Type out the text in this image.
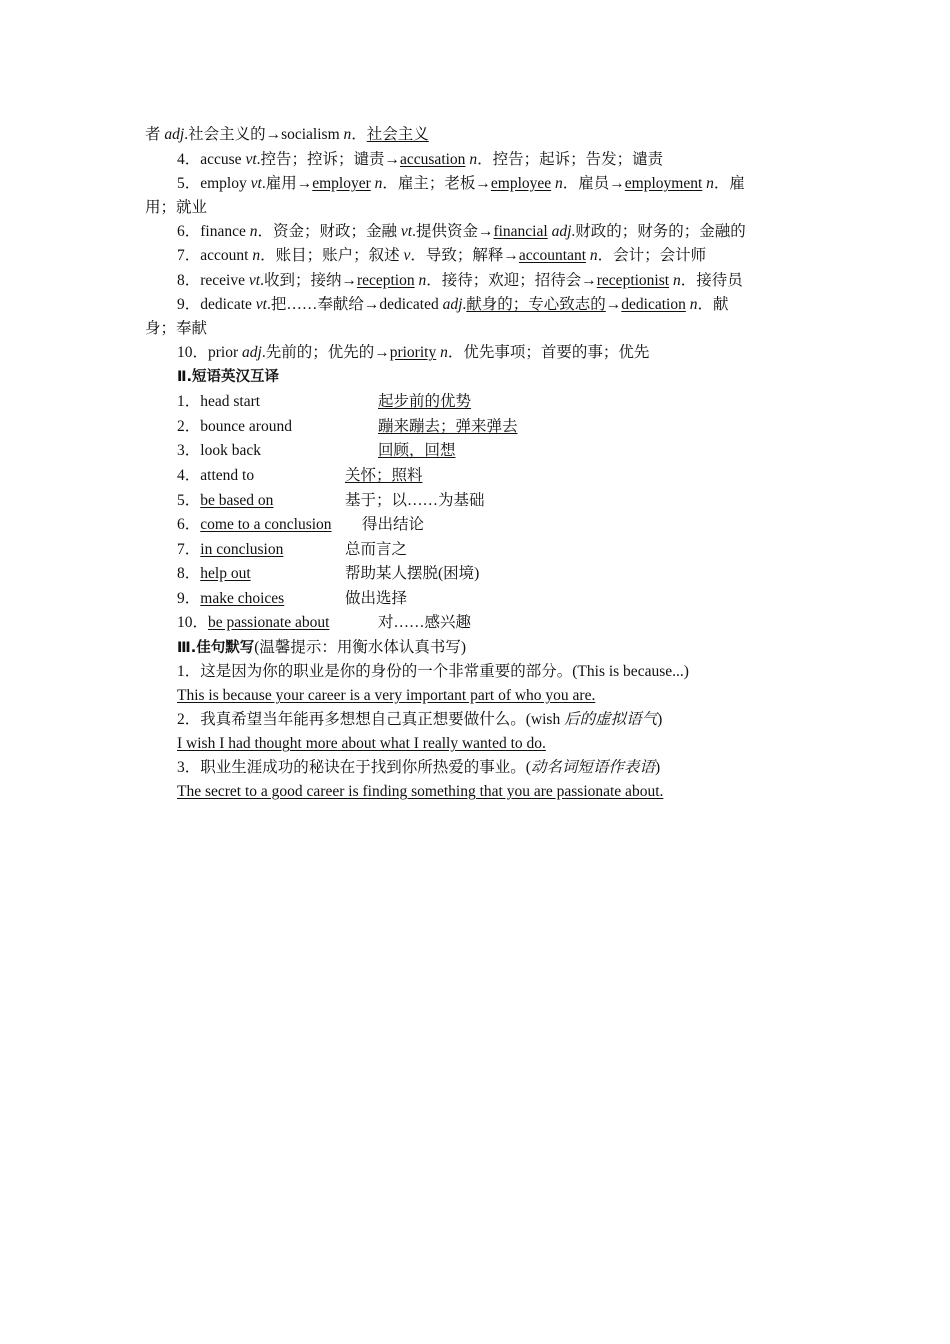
者 adj.社会主义的→socialism n．社会主义
4．accuse vt.控告；控诉；谴责→accusation n．控告；起诉；告发；谴责
5．employ vt.雇用→employer n．雇主；老板→employee n．雇员→employment n．雇
用；就业
6．finance n．资金；财政；金融 vt.提供资金→financial adj.财政的；财务的；金融的
7．account n．账目；账户；叙述 v．导致；解释→accountant n．会计；会计师
8．receive vt.收到；接纳→reception n．接待；欢迎；招待会→receptionist n．接待员
9．dedicate vt.把……奉献给→dedicated adj.献身的；专心致志的→dedication n．献
身；奉献
10．prior adj.先前的；优先的→priority n．优先事项；首要的事；优先
Ⅱ.短语英汉互译
1．head start	起步前的优势
2．bounce around	蹦来蹦去；弹来弹去
3．look back	回顾，回想
4．attend to	关怀；照料
5．be based on	基于；以……为基础
6．come to a conclusion 得出结论
7．in conclusion	总而言之
8．help out	帮助某人摆脱(困境)
9．make choices	做出选择
10．be passionate about	对……感兴趣
Ⅲ.佳句默写(温馨提示：用衡水体认真书写)
1．这是因为你的职业是你的身份的一个非常重要的部分。(This is because...)
This is because your career is a very important part of who you are.
2．我真希望当年能再多想想自己真正想要做什么。(wish 后的虚拟语气)
I wish I had thought more about what I really wanted to do.
3．职业生涯成功的秘诀在于找到你所热爱的事业。(动名词短语作表语)
The secret to a good career is finding something that you are passionate about.
